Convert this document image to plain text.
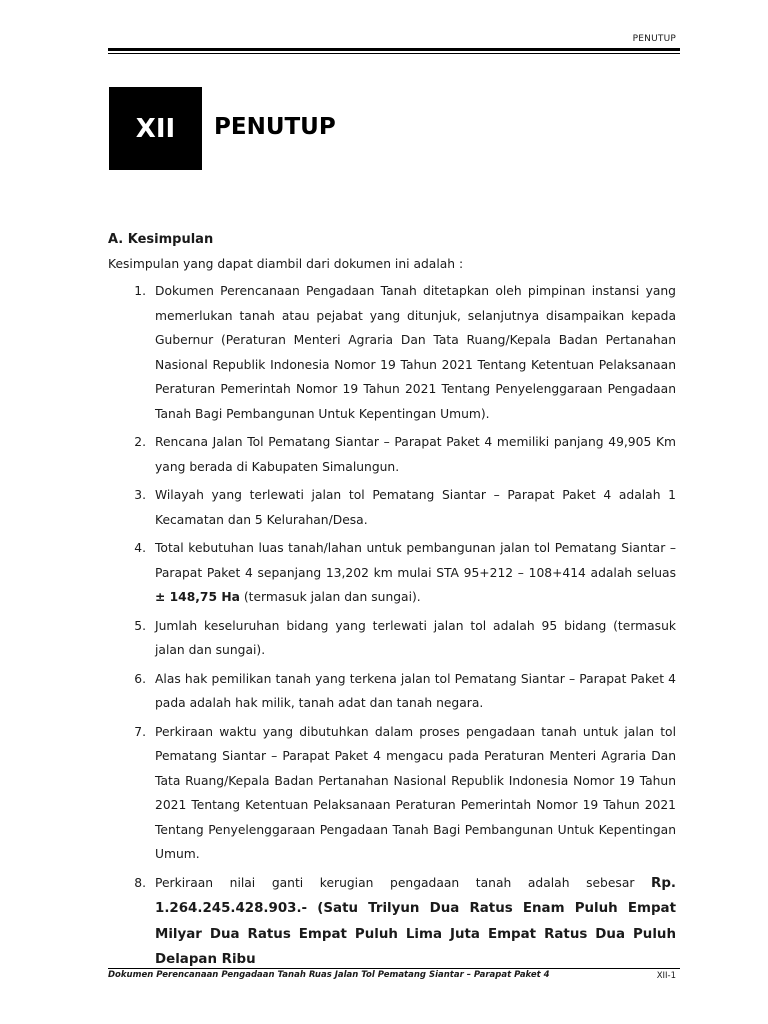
PENUTUP
XII PENUTUP
A. Kesimpulan
Kesimpulan yang dapat diambil dari dokumen ini adalah :
1. Dokumen Perencanaan Pengadaan Tanah ditetapkan oleh pimpinan instansi yang memerlukan tanah atau pejabat yang ditunjuk, selanjutnya disampaikan kepada Gubernur (Peraturan Menteri Agraria Dan Tata Ruang/Kepala Badan Pertanahan Nasional Republik Indonesia Nomor 19 Tahun 2021 Tentang Ketentuan Pelaksanaan Peraturan Pemerintah Nomor 19 Tahun 2021 Tentang Penyelenggaraan Pengadaan Tanah Bagi Pembangunan Untuk Kepentingan Umum).
2. Rencana Jalan Tol Pematang Siantar – Parapat Paket 4 memiliki panjang 49,905 Km yang berada di Kabupaten Simalungun.
3. Wilayah yang terlewati jalan tol Pematang Siantar – Parapat Paket 4 adalah 1 Kecamatan dan 5 Kelurahan/Desa.
4. Total kebutuhan luas tanah/lahan untuk pembangunan jalan tol Pematang Siantar – Parapat Paket 4 sepanjang 13,202 km mulai STA 95+212 – 108+414 adalah seluas ± 148,75 Ha (termasuk jalan dan sungai).
5. Jumlah keseluruhan bidang yang terlewati jalan tol adalah 95 bidang (termasuk jalan dan sungai).
6. Alas hak pemilikan tanah yang terkena jalan tol Pematang Siantar – Parapat Paket 4 pada adalah hak milik, tanah adat dan tanah negara.
7. Perkiraan waktu yang dibutuhkan dalam proses pengadaan tanah untuk jalan tol Pematang Siantar – Parapat Paket 4 mengacu pada Peraturan Menteri Agraria Dan Tata Ruang/Kepala Badan Pertanahan Nasional Republik Indonesia Nomor 19 Tahun 2021 Tentang Ketentuan Pelaksanaan Peraturan Pemerintah Nomor 19 Tahun 2021 Tentang Penyelenggaraan Pengadaan Tanah Bagi Pembangunan Untuk Kepentingan Umum.
8. Perkiraan nilai ganti kerugian pengadaan tanah adalah sebesar Rp. 1.264.245.428.903.- (Satu Trilyun Dua Ratus Enam Puluh Empat Milyar Dua Ratus Empat Puluh Lima Juta Empat Ratus Dua Puluh Delapan Ribu
Dokumen Perencanaan Pengadaan Tanah Ruas Jalan Tol Pematang Siantar – Parapat Paket 4	XII-1
